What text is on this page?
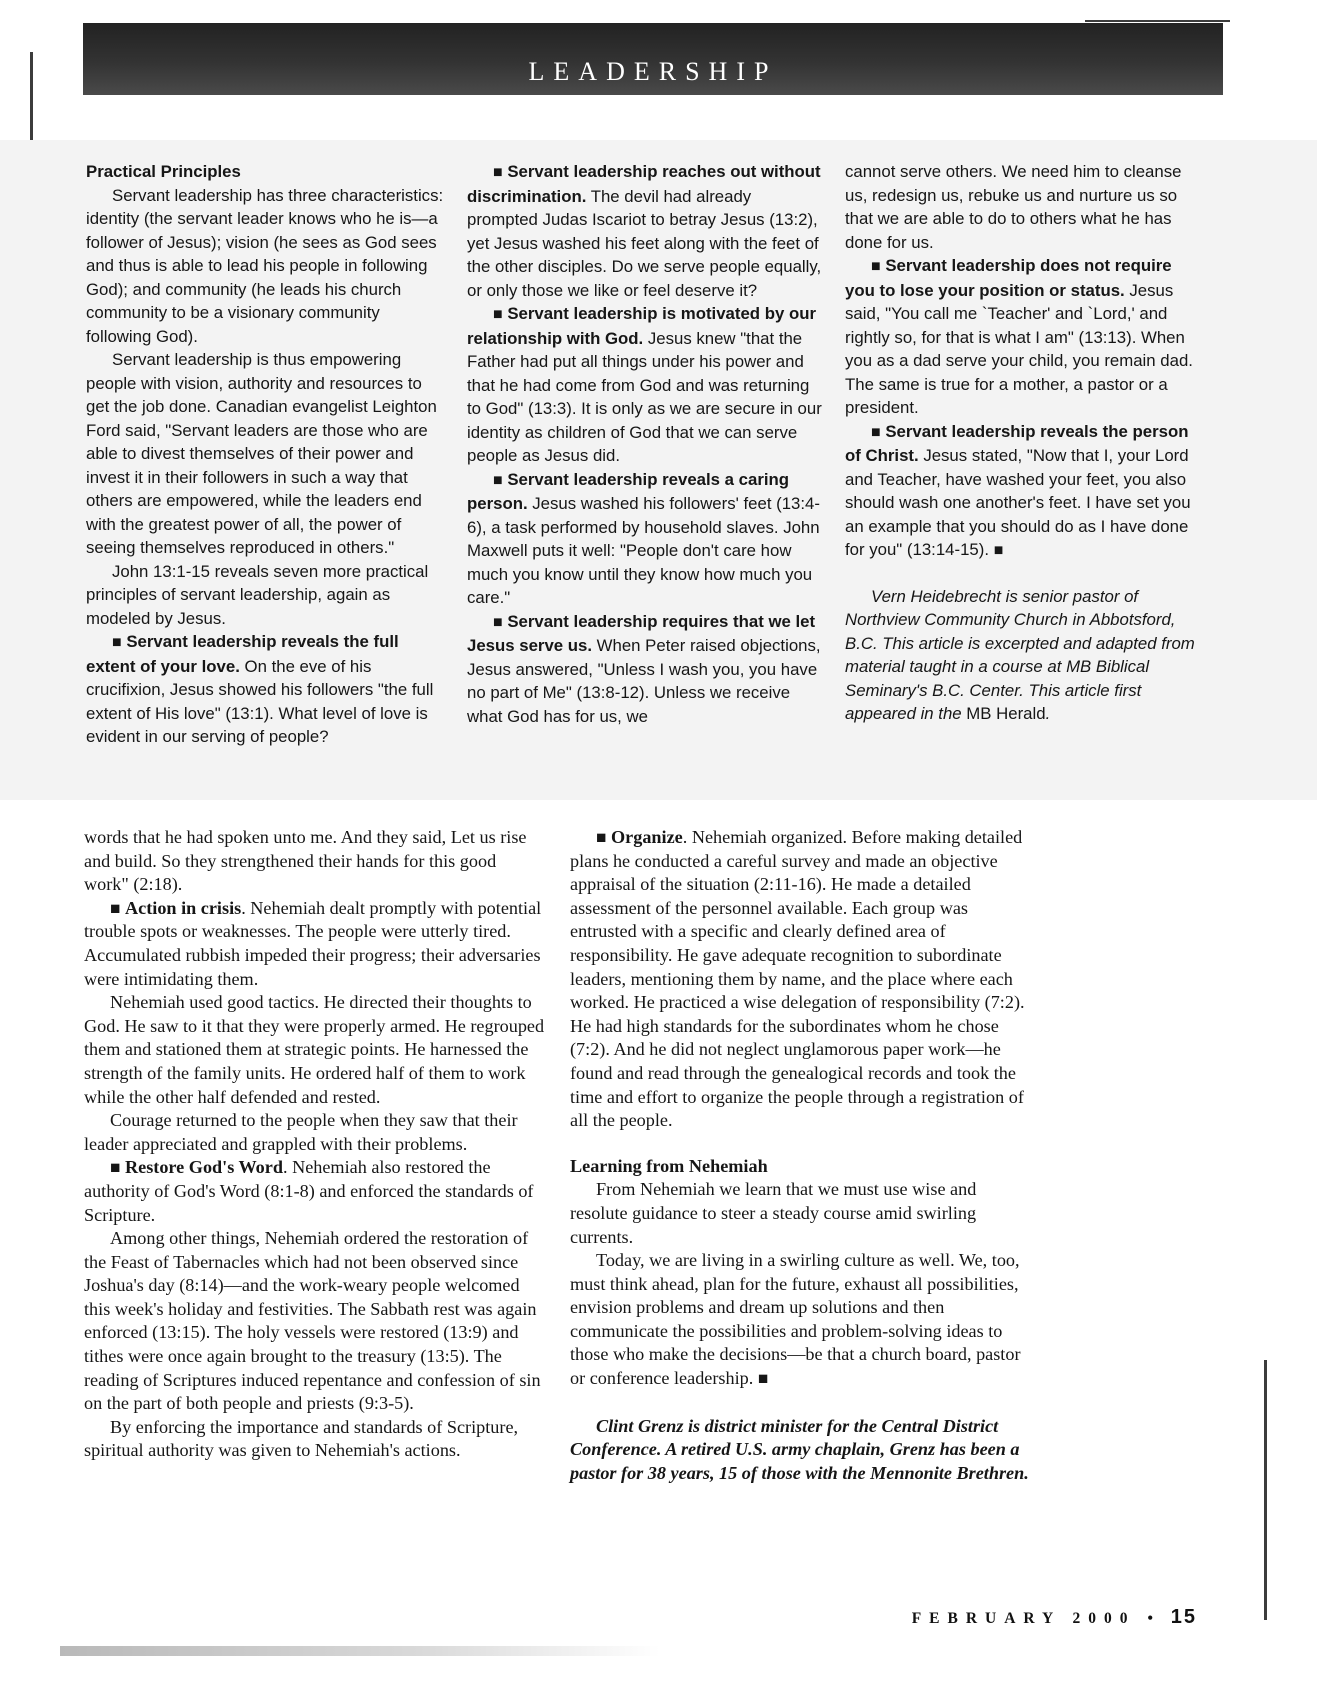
LEADERSHIP
Practical Principles

Servant leadership has three characteristics: identity (the servant leader knows who he is—a follower of Jesus); vision (he sees as God sees and thus is able to lead his people in following God); and community (he leads his church community to be a visionary community following God).

Servant leadership is thus empowering people with vision, authority and resources to get the job done. Canadian evangelist Leighton Ford said, "Servant leaders are those who are able to divest themselves of their power and invest it in their followers in such a way that others are empowered, while the leaders end with the greatest power of all, the power of seeing themselves reproduced in others."

John 13:1-15 reveals seven more practical principles of servant leadership, again as modeled by Jesus.

■ Servant leadership reveals the full extent of your love. On the eve of his crucifixion, Jesus showed his followers "the full extent of His love" (13:1). What level of love is evident in our serving of people?

■ Servant leadership reaches out without discrimination. The devil had already prompted Judas Iscariot to betray Jesus (13:2), yet Jesus washed his feet along with the feet of the other disciples. Do we serve people equally, or only those we like or feel deserve it?

■ Servant leadership is motivated by our relationship with God. Jesus knew "that the Father had put all things under his power and that he had come from God and was returning to God" (13:3). It is only as we are secure in our identity as children of God that we can serve people as Jesus did.

■ Servant leadership reveals a caring person. Jesus washed his followers' feet (13:4-6), a task performed by household slaves. John Maxwell puts it well: "People don't care how much you know until they know how much you care."

■ Servant leadership requires that we let Jesus serve us. When Peter raised objections, Jesus answered, "Unless I wash you, you have no part of Me" (13:8-12). Unless we receive what God has for us, we

cannot serve others. We need him to cleanse us, redesign us, rebuke us and nurture us so that we are able to do to others what he has done for us.

■ Servant leadership does not require you to lose your position or status. Jesus said, "You call me `Teacher' and `Lord,' and rightly so, for that is what I am" (13:13). When you as a dad serve your child, you remain dad. The same is true for a mother, a pastor or a president.

■ Servant leadership reveals the person of Christ. Jesus stated, "Now that I, your Lord and Teacher, have washed your feet, you also should wash one another's feet. I have set you an example that you should do as I have done for you" (13:14-15). ■

Vern Heidebrecht is senior pastor of Northview Community Church in Abbotsford, B.C. This article is excerpted and adapted from material taught in a course at MB Biblical Seminary's B.C. Center. This article first appeared in the MB Herald.

words that he had spoken unto me. And they said, Let us rise and build. So they strengthened their hands for this good work" (2:18).

■ Action in crisis. Nehemiah dealt promptly with potential trouble spots or weaknesses. The people were utterly tired. Accumulated rubbish impeded their progress; their adversaries were intimidating them.

Nehemiah used good tactics. He directed their thoughts to God. He saw to it that they were properly armed. He regrouped them and stationed them at strategic points. He harnessed the strength of the family units. He ordered half of them to work while the other half defended and rested.

Courage returned to the people when they saw that their leader appreciated and grappled with their problems.

■ Restore God's Word. Nehemiah also restored the authority of God's Word (8:1-8) and enforced the standards of Scripture.

Among other things, Nehemiah ordered the restoration of the Feast of Tabernacles which had not been observed since Joshua's day (8:14)—and the work-weary people welcomed this week's holiday and festivities. The Sabbath rest was again enforced (13:15). The holy vessels were restored (13:9) and tithes were once again brought to the treasury (13:5). The reading of Scriptures induced repentance and confession of sin on the part of both people and priests (9:3-5).

By enforcing the importance and standards of Scripture, spiritual authority was given to Nehemiah's actions.

■ Organize. Nehemiah organized. Before making detailed plans he conducted a careful survey and made an objective appraisal of the situation (2:11-16). He made a detailed assessment of the personnel available. Each group was entrusted with a specific and clearly defined area of responsibility. He gave adequate recognition to subordinate leaders, mentioning them by name, and the place where each worked. He practiced a wise delegation of responsibility (7:2). He had high standards for the subordinates whom he chose (7:2). And he did not neglect unglamorous paper work—he found and read through the genealogical records and took the time and effort to organize the people through a registration of all the people.

Learning from Nehemiah

From Nehemiah we learn that we must use wise and resolute guidance to steer a steady course amid swirling currents.

Today, we are living in a swirling culture as well. We, too, must think ahead, plan for the future, exhaust all possibilities, envision problems and dream up solutions and then communicate the possibilities and problem-solving ideas to those who make the decisions—be that a church board, pastor or conference leadership. ■

Clint Grenz is district minister for the Central District Conference. A retired U.S. army chaplain, Grenz has been a pastor for 38 years, 15 of those with the Mennonite Brethren.

FEBRUARY 2000 • 15
